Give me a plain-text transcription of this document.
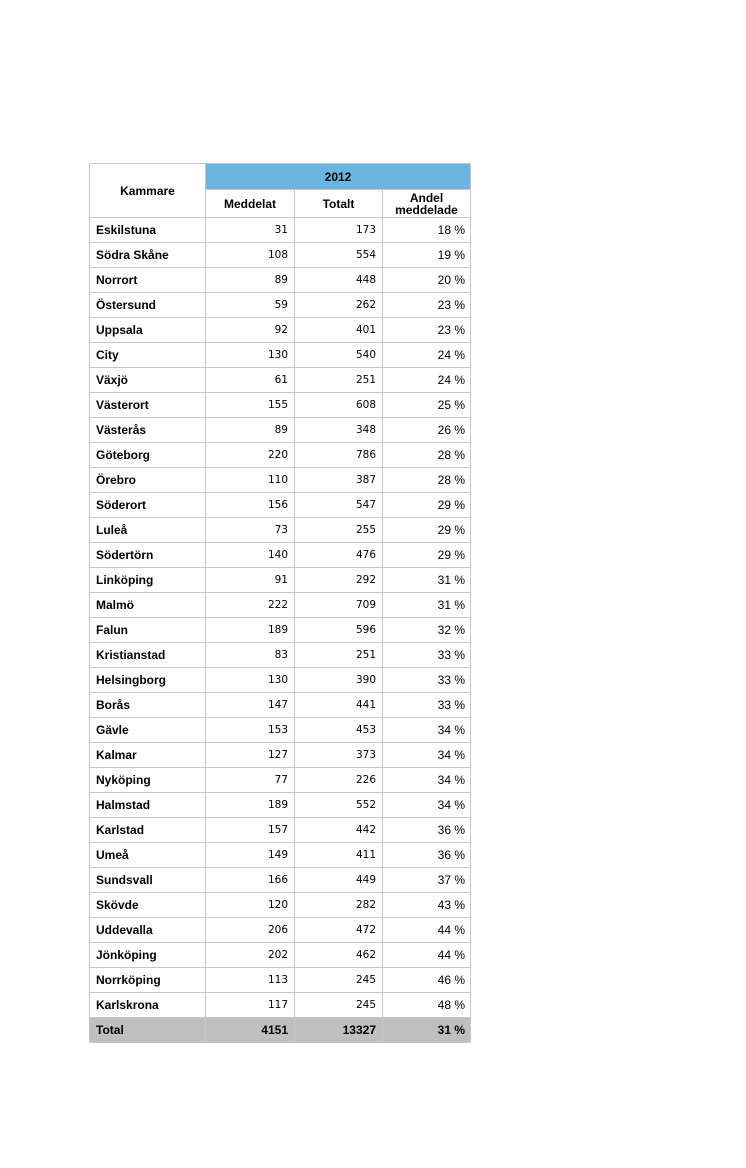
Kammare	2012		
	Meddelat	Totalt	Andel
meddelade
Eskilstuna	31	173	18 %
Södra Skåne	108	554	19 %
Norrort	89	448	20 %
Östersund	59	262	23 %
Uppsala	92	401	23 %
City	130	540	24 %
Växjö	61	251	24 %
Västerort	155	608	25 %
Västerås	89	348	26 %
Göteborg	220	786	28 %
Örebro	110	387	28 %
Söderort	156	547	29 %
Luleå	73	255	29 %
Södertörn	140	476	29 %
Linköping	91	292	31 %
Malmö	222	709	31 %
Falun	189	596	32 %
Kristianstad	83	251	33 %
Helsingborg	130	390	33 %
Borås	147	441	33 %
Gävle	153	453	34 %
Kalmar	127	373	34 %
Nyköping	77	226	34 %
Halmstad	189	552	34 %
Karlstad	157	442	36 %
Umeå	149	411	36 %
Sundsvall	166	449	37 %
Skövde	120	282	43 %
Uddevalla	206	472	44 %
Jönköping	202	462	44 %
Norrköping	113	245	46 %
Karlskrona	117	245	48 %
Total	4151	13327	31 %
